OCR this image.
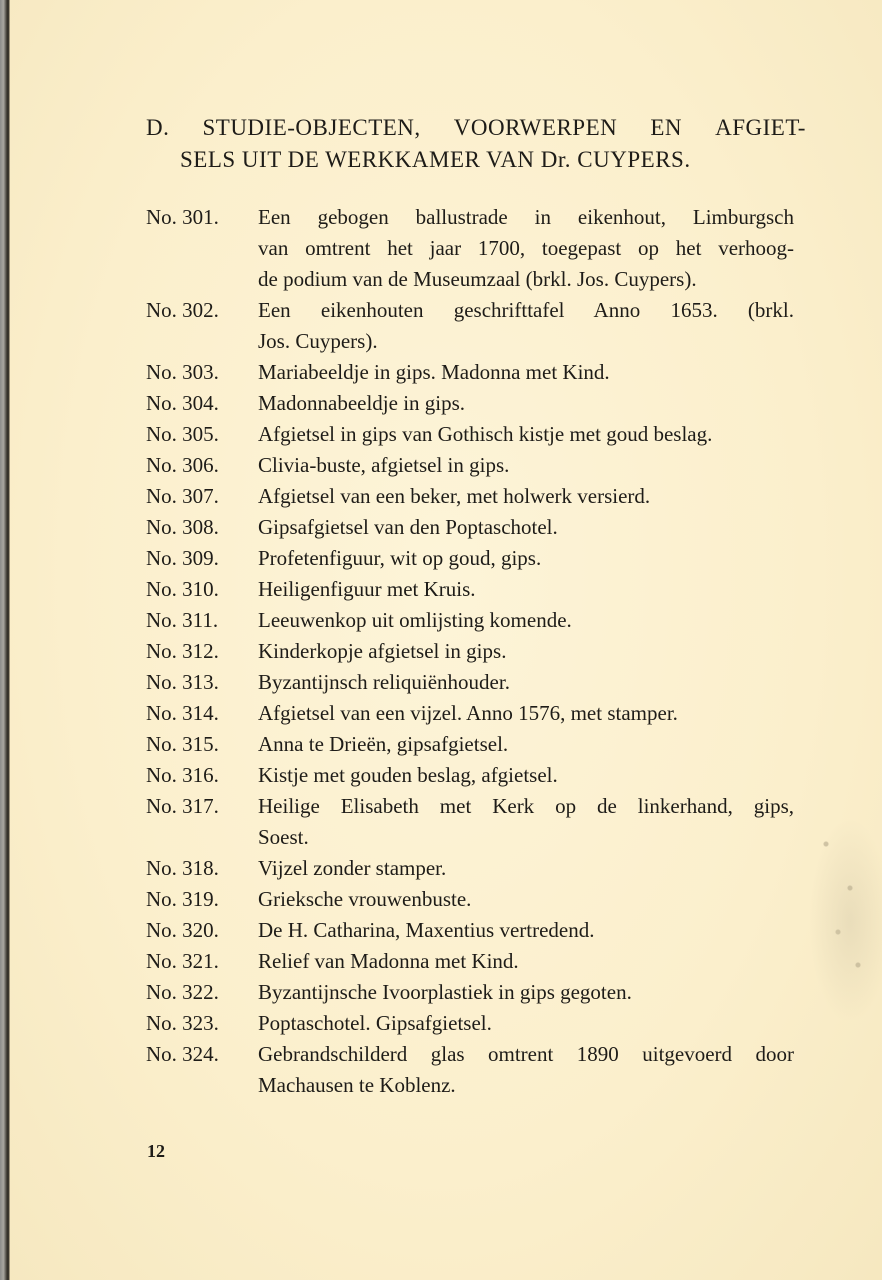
D. STUDIE-OBJECTEN, VOORWERPEN EN AFGIET-
SELS UIT DE WERKKAMER VAN Dr. CUYPERS.
No. 301.	Een gebogen ballustrade in eikenhout, Limburgsch
van omtrent het jaar 1700, toegepast op het verhoog-
de podium van de Museumzaal (brkl. Jos. Cuypers).
No. 302.	Een eikenhouten geschrifttafel Anno 1653. (brkl.
Jos. Cuypers).
No. 303.	Mariabeeldje in gips. Madonna met Kind.
No. 304.	Madonnabeeldje in gips.
No. 305.	Afgietsel in gips van Gothisch kistje met goud beslag.
No. 306.	Clivia-buste, afgietsel in gips.
No. 307.	Afgietsel van een beker, met holwerk versierd.
No. 308.	Gipsafgietsel van den Poptaschotel.
No. 309.	Profetenfiguur, wit op goud, gips.
No. 310.	Heiligenfiguur met Kruis.
No. 311.	Leeuwenkop uit omlijsting komende.
No. 312.	Kinderkopje afgietsel in gips.
No. 313.	Byzantijnsch reliquiënhouder.
No. 314.	Afgietsel van een vijzel. Anno 1576, met stamper.
No. 315.	Anna te Drieën, gipsafgietsel.
No. 316.	Kistje met gouden beslag, afgietsel.
No. 317.	Heilige Elisabeth met Kerk op de linkerhand, gips,
Soest.
No. 318.	Vijzel zonder stamper.
No. 319.	Grieksche vrouwenbuste.
No. 320.	De H. Catharina, Maxentius vertredend.
No. 321.	Relief van Madonna met Kind.
No. 322.	Byzantijnsche Ivoorplastiek in gips gegoten.
No. 323.	Poptaschotel. Gipsafgietsel.
No. 324.	Gebrandschilderd glas omtrent 1890 uitgevoerd door
Machausen te Koblenz.
12
